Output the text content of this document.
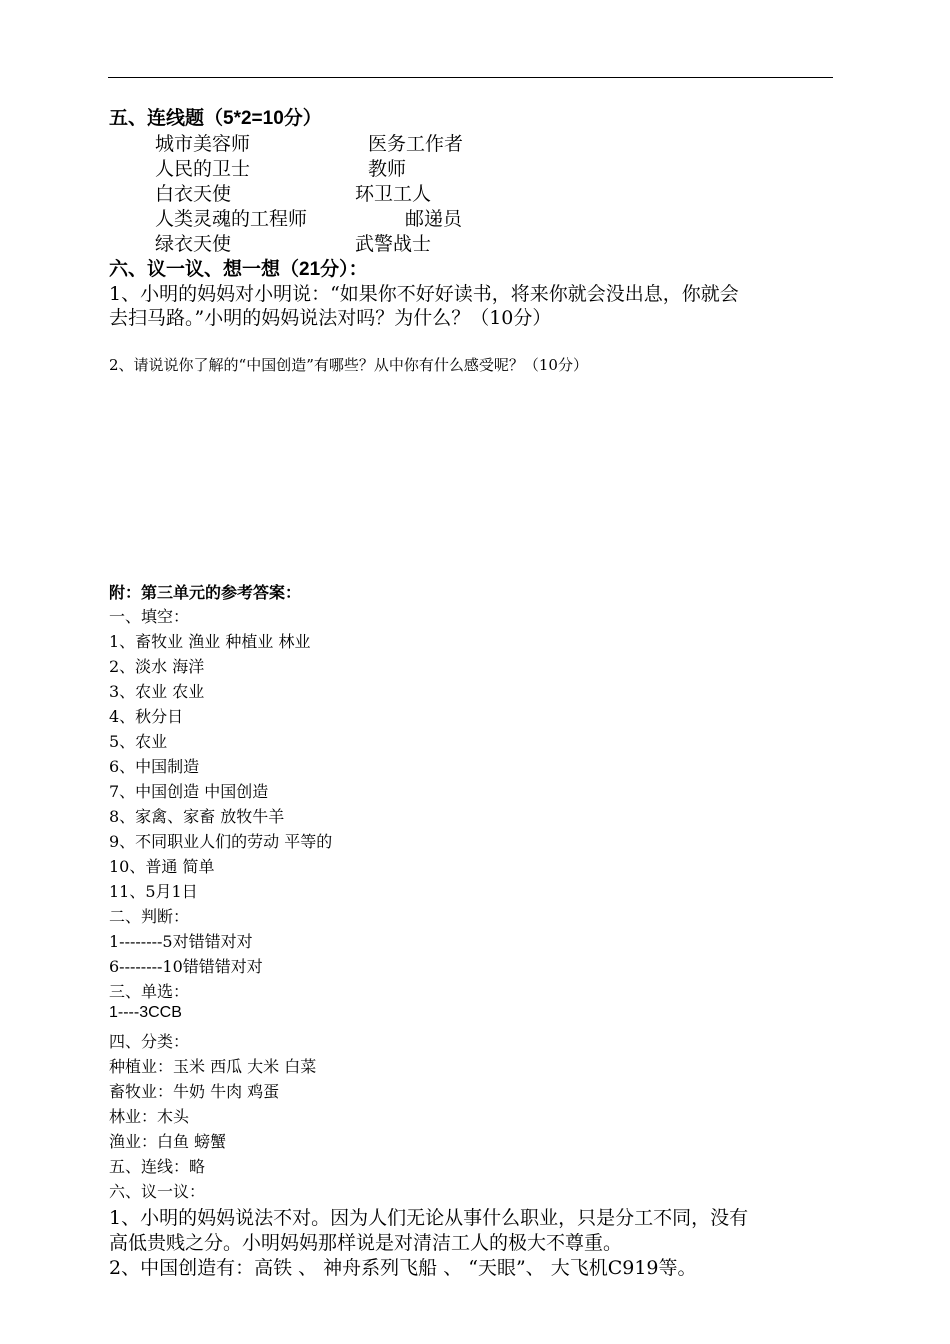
五、连线题（5*2=10分）
城市美容师	医务工作者
人民的卫士	教师
白衣天使	环卫工人
人类灵魂的工程师	邮递员
绿衣天使	武警战士
六、议一议、想一想（21分）：
1、小明的妈妈对小明说：“如果你不好好读书，将来你就会没出息，你就会
去扫马路。”小明的妈妈说法对吗？为什么？（10分）
2、请说说你了解的“中国创造”有哪些？从中你有什么感受呢？（10分）
附：第三单元的参考答案：
一、填空：
1、畜牧业 渔业 种植业 林业
2、淡水 海洋
3、农业 农业
4、秋分日
5、农业
6、中国制造
7、中国创造 中国创造
8、家禽、家畜 放牧牛羊
9、不同职业人们的劳动 平等的
10、普通 简单
11、5月1日
二、判断：
1--------5对错错对对
6--------10错错错对对
三、单选：
1----3CCB
四、分类：
种植业：玉米 西瓜 大米 白菜
畜牧业：牛奶 牛肉 鸡蛋
林业：木头
渔业：白鱼 螃蟹
五、连线：略
六、议一议：
1、小明的妈妈说法不对。因为人们无论从事什么职业，只是分工不同，没有
高低贵贱之分。小明妈妈那样说是对清洁工人的极大不尊重。
2、中国创造有：高铁 、 神舟系列飞船 、 “天眼”、 大飞机C919等。
